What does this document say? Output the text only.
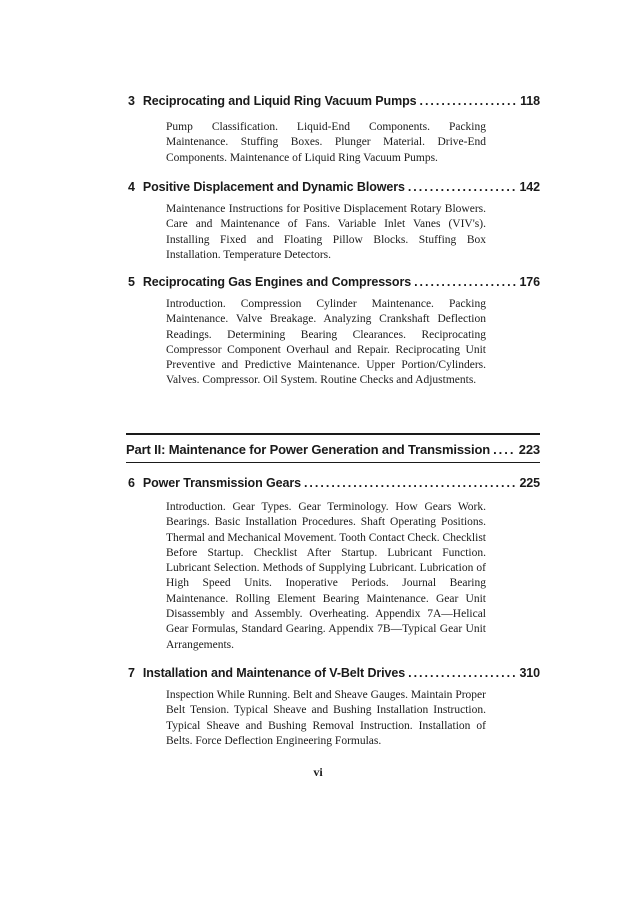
3 Reciprocating and Liquid Ring Vacuum Pumps .....	118

Pump Classification. Liquid-End Components. Packing Maintenance. Stuffing Boxes. Plunger Material. Drive-End Components. Maintenance of Liquid Ring Vacuum Pumps.

4 Positive Displacement and Dynamic Blowers .....	142

Maintenance Instructions for Positive Displacement Rotary Blowers. Care and Maintenance of Fans. Variable Inlet Vanes (VIV's). Installing Fixed and Floating Pillow Blocks. Stuffing Box Installation. Temperature Detectors.

5 Reciprocating Gas Engines and Compressors .....	176

Introduction. Compression Cylinder Maintenance. Packing Maintenance. Valve Breakage. Analyzing Crankshaft Deflection Readings. Determining Bearing Clearances. Reciprocating Compressor Component Overhaul and Repair. Reciprocating Unit Preventive and Predictive Maintenance. Upper Portion/Cylinders. Valves. Compressor. Oil System. Routine Checks and Adjustments.

Part II: Maintenance for Power Generation and Transmission ..... 223
6 Power Transmission Gears .....	225

Introduction. Gear Types. Gear Terminology. How Gears Work. Bearings. Basic Installation Procedures. Shaft Operating Positions. Thermal and Mechanical Movement. Tooth Contact Check. Checklist Before Startup. Checklist After Startup. Lubricant Function. Lubricant Selection. Methods of Supplying Lubricant. Lubrication of High Speed Units. Inoperative Periods. Journal Bearing Maintenance. Rolling Element Bearing Maintenance. Gear Unit Disassembly and Assembly. Overheating. Appendix 7A—Helical Gear Formulas, Standard Gearing. Appendix 7B—Typical Gear Unit Arrangements.

7 Installation and Maintenance of V-Belt Drives .....	310

Inspection While Running. Belt and Sheave Gauges. Maintain Proper Belt Tension. Typical Sheave and Bushing Installation Instruction. Typical Sheave and Bushing Removal Instruction. Installation of Belts. Force Deflection Engineering Formulas.

vi
